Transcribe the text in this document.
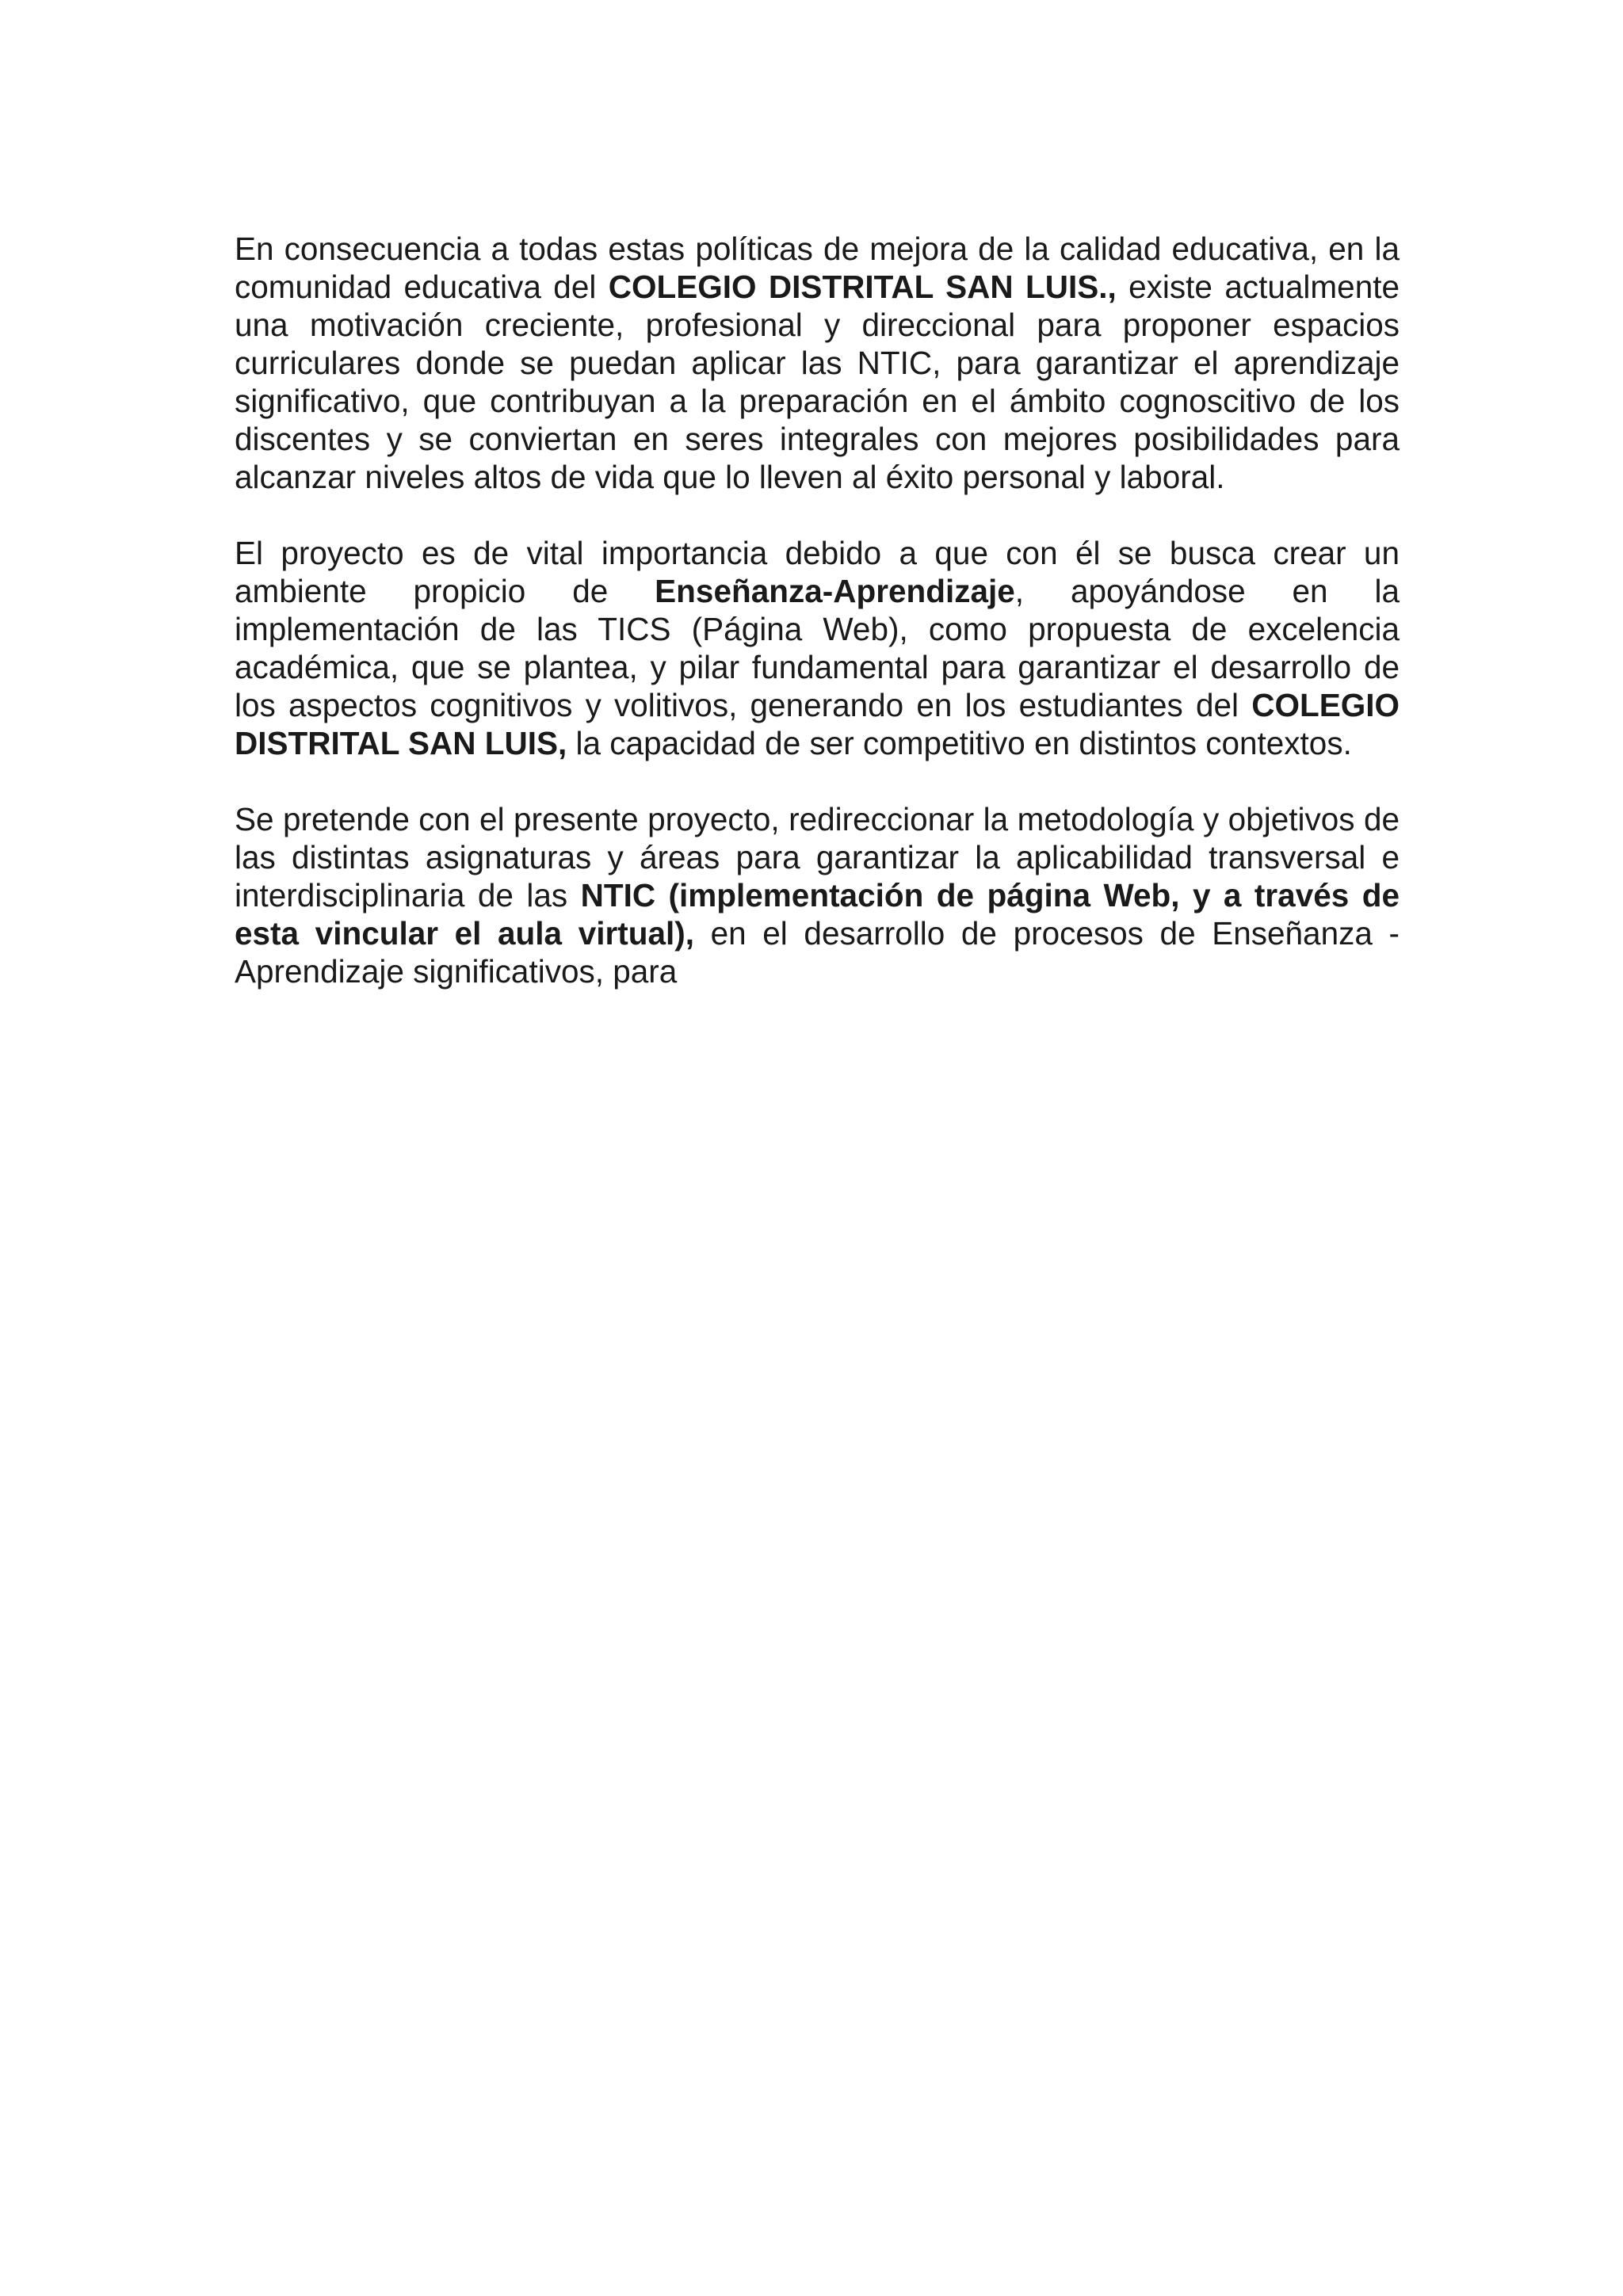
En consecuencia a todas estas políticas de mejora de la calidad educativa, en la comunidad educativa del COLEGIO DISTRITAL SAN LUIS., existe actualmente una motivación creciente, profesional y direccional para proponer espacios curriculares donde se puedan aplicar las NTIC, para garantizar el aprendizaje significativo, que contribuyan a la preparación en el ámbito cognoscitivo de los discentes y se conviertan en seres integrales con mejores posibilidades para alcanzar niveles altos de vida que lo lleven al éxito personal y laboral.

El proyecto es de vital importancia debido a que con él se busca crear un ambiente propicio de Enseñanza-Aprendizaje, apoyándose en la implementación de las TICS (Página Web), como propuesta de excelencia académica, que se plantea, y pilar fundamental para garantizar el desarrollo de los aspectos cognitivos y volitivos, generando en los estudiantes del COLEGIO DISTRITAL SAN LUIS, la capacidad de ser competitivo en distintos contextos.

Se pretende con el presente proyecto, redireccionar la metodología y objetivos de las distintas asignaturas y áreas para garantizar la aplicabilidad transversal e interdisciplinaria de las NTIC (implementación de página Web, y a través de esta vincular el aula virtual), en el desarrollo de procesos de Enseñanza - Aprendizaje significativos, para
